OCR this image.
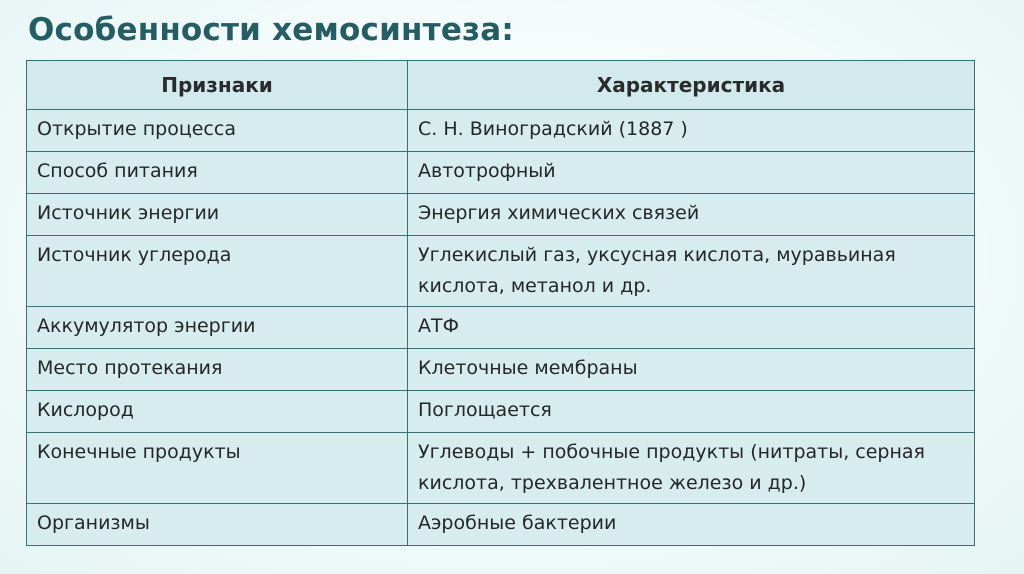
Особенности хемосинтеза:
Признаки	Характеристика
Открытие процесса	С. Н. Виноградский (1887 )
Способ питания	Автотрофный
Источник энергии	Энергия химических связей
Источник углерода	Углекислый газ, уксусная кислота, муравьиная кислота, метанол и др.
Аккумулятор энергии	АТФ
Место протекания	Клеточные мембраны
Кислород	Поглощается
Конечные продукты	Углеводы + побочные продукты (нитраты, серная кислота, трехвалентное железо и др.)
Организмы	Аэробные бактерии
